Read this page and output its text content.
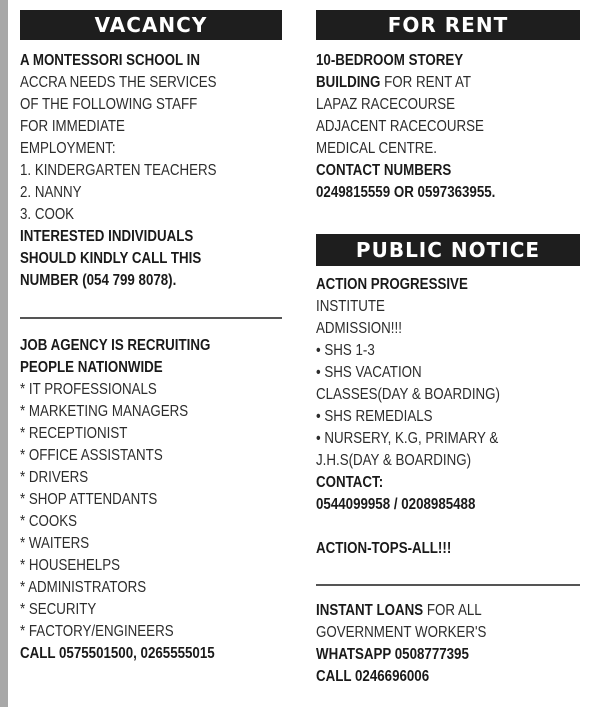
VACANCY
A MONTESSORI SCHOOL IN
ACCRA NEEDS THE SERVICES
OF THE FOLLOWING STAFF
FOR IMMEDIATE
EMPLOYMENT:
1. KINDERGARTEN TEACHERS
2. NANNY
3. COOK
INTERESTED INDIVIDUALS
SHOULD KINDLY CALL THIS
NUMBER (054 799 8078).
JOB AGENCY IS RECRUITING
PEOPLE NATIONWIDE
* IT PROFESSIONALS
* MARKETING MANAGERS
* RECEPTIONIST
* OFFICE ASSISTANTS
* DRIVERS
* SHOP ATTENDANTS
* COOKS
* WAITERS
* HOUSEHELPS
* ADMINISTRATORS
* SECURITY
* FACTORY/ENGINEERS
CALL 0575501500, 0265555015
FOR RENT
10-BEDROOM STOREY
BUILDING FOR RENT AT
LAPAZ RACECOURSE
ADJACENT RACECOURSE
MEDICAL CENTRE.
CONTACT NUMBERS
0249815559 OR 0597363955.
PUBLIC NOTICE
ACTION PROGRESSIVE
INSTITUTE
ADMISSION!!!
• SHS 1-3
• SHS VACATION
CLASSES(DAY & BOARDING)
• SHS REMEDIALS
• NURSERY, K.G, PRIMARY &
J.H.S(DAY & BOARDING)
CONTACT:
0544099958 / 0208985488
ACTION-TOPS-ALL!!!
INSTANT LOANS FOR ALL
GOVERNMENT WORKER'S
WHATSAPP 0508777395
CALL 0246696006
